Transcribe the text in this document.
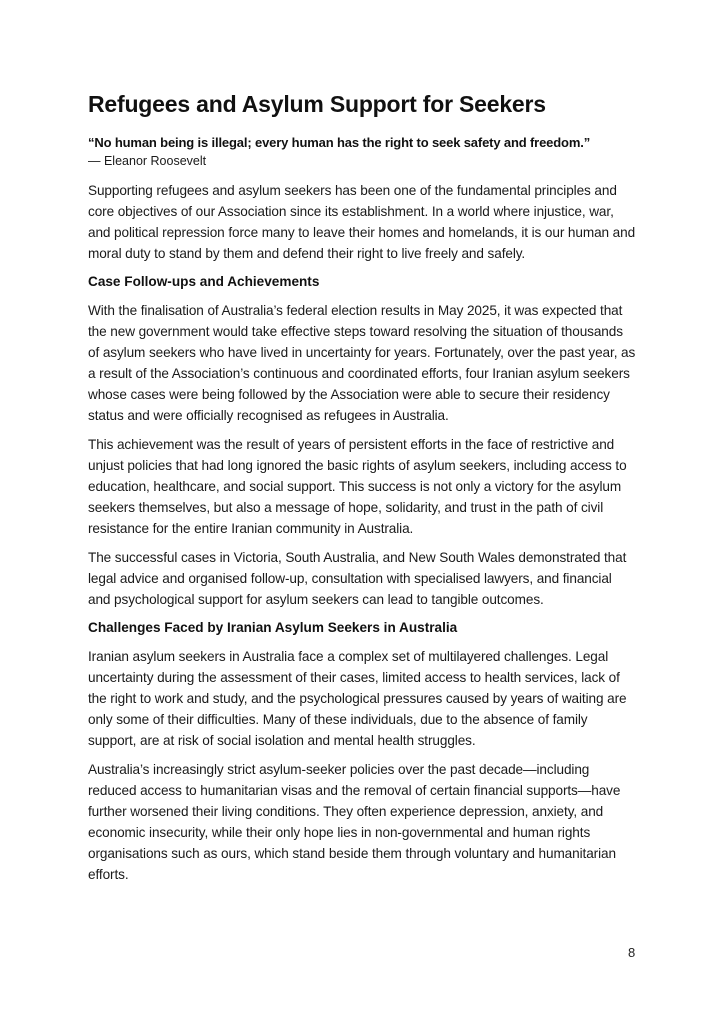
Refugees and Asylum Support for Seekers

“No human being is illegal; every human has the right to seek safety and freedom.”

— Eleanor Roosevelt

Supporting refugees and asylum seekers has been one of the fundamental principles and core objectives of our Association since its establishment. In a world where injustice, war, and political repression force many to leave their homes and homelands, it is our human and moral duty to stand by them and defend their right to live freely and safely.

Case Follow-ups and Achievements

With the finalisation of Australia’s federal election results in May 2025, it was expected that the new government would take effective steps toward resolving the situation of thousands of asylum seekers who have lived in uncertainty for years. Fortunately, over the past year, as a result of the Association’s continuous and coordinated efforts, four Iranian asylum seekers whose cases were being followed by the Association were able to secure their residency status and were officially recognised as refugees in Australia.

This achievement was the result of years of persistent efforts in the face of restrictive and unjust policies that had long ignored the basic rights of asylum seekers, including access to education, healthcare, and social support. This success is not only a victory for the asylum seekers themselves, but also a message of hope, solidarity, and trust in the path of civil resistance for the entire Iranian community in Australia.

The successful cases in Victoria, South Australia, and New South Wales demonstrated that legal advice and organised follow-up, consultation with specialised lawyers, and financial and psychological support for asylum seekers can lead to tangible outcomes.

Challenges Faced by Iranian Asylum Seekers in Australia

Iranian asylum seekers in Australia face a complex set of multilayered challenges. Legal uncertainty during the assessment of their cases, limited access to health services, lack of the right to work and study, and the psychological pressures caused by years of waiting are only some of their difficulties. Many of these individuals, due to the absence of family support, are at risk of social isolation and mental health struggles.

Australia’s increasingly strict asylum-seeker policies over the past decade—including reduced access to humanitarian visas and the removal of certain financial supports—have further worsened their living conditions. They often experience depression, anxiety, and economic insecurity, while their only hope lies in non-governmental and human rights organisations such as ours, which stand beside them through voluntary and humanitarian efforts.

8
